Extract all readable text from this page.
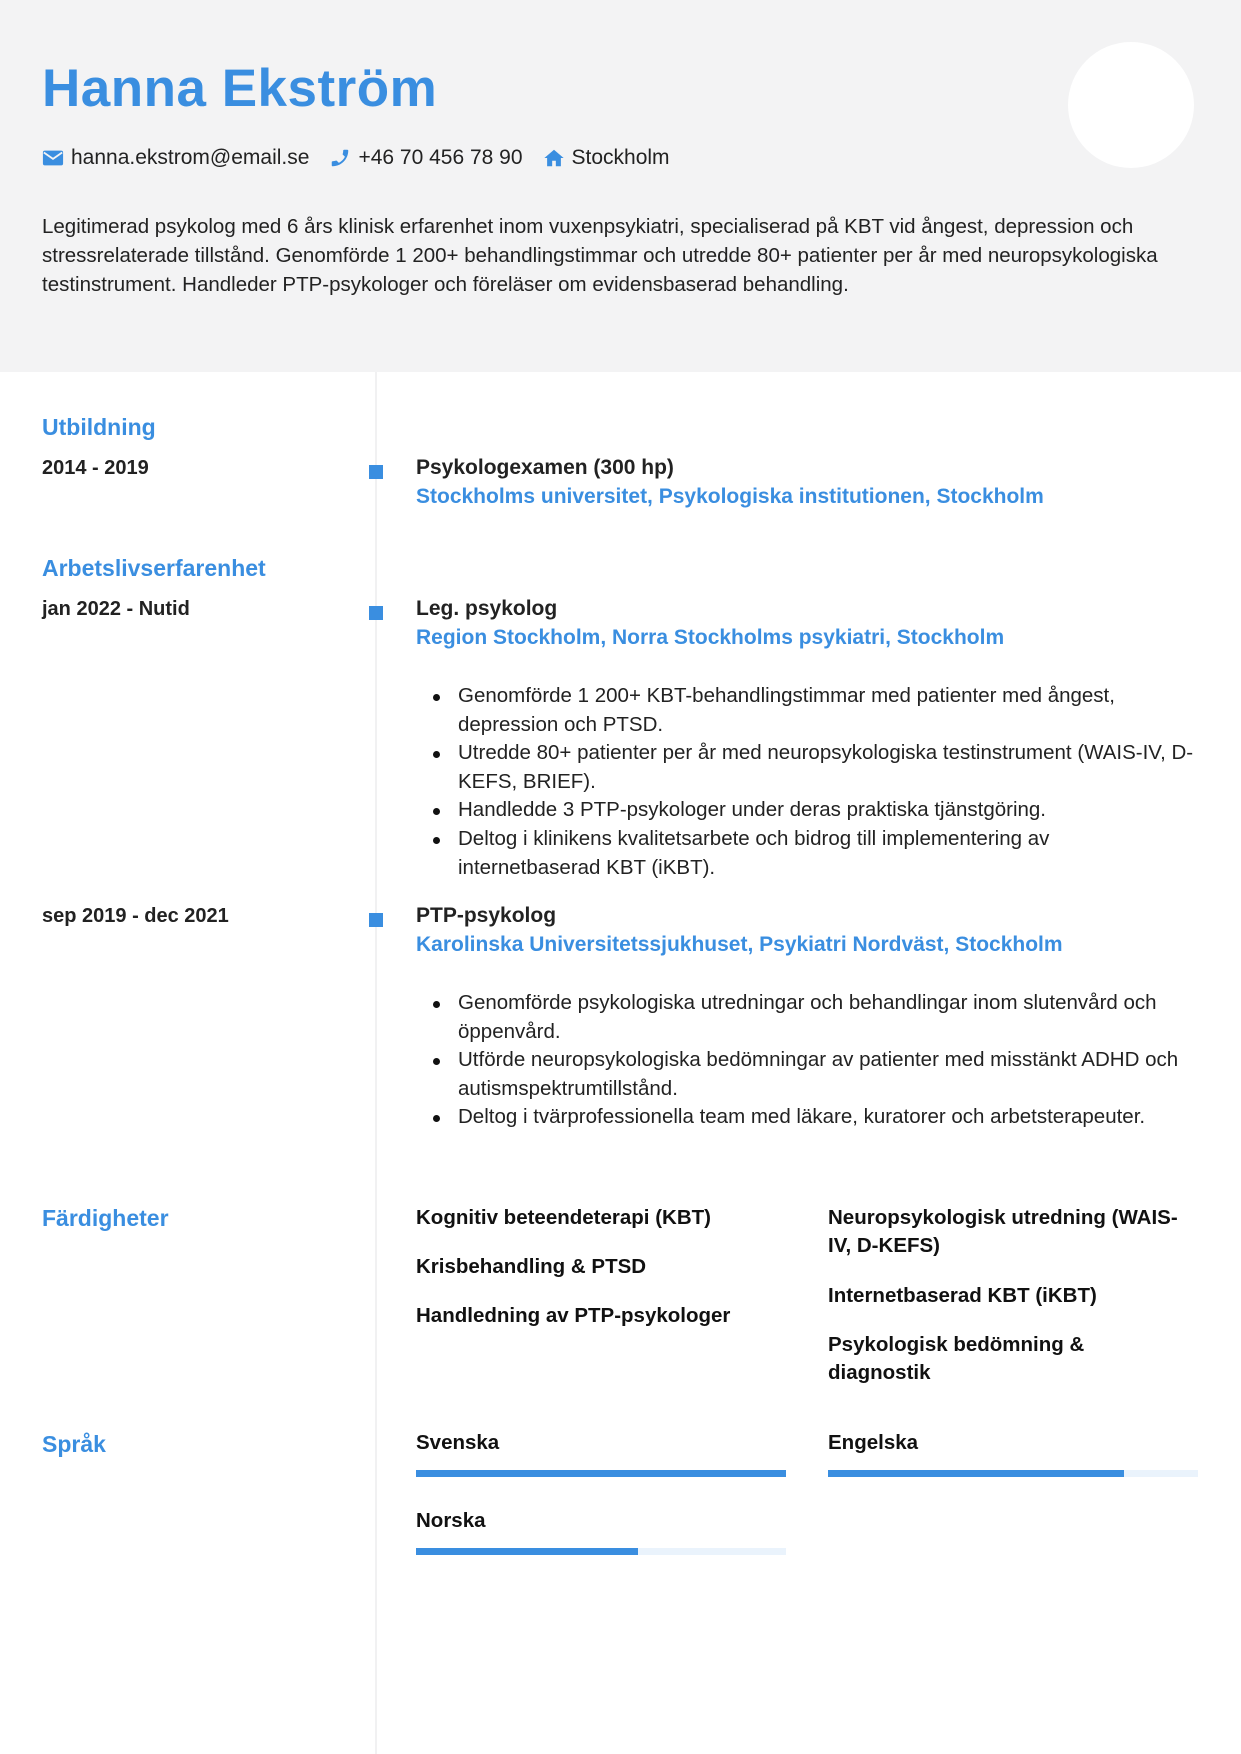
Hanna Ekström
hanna.ekstrom@email.se +46 70 456 78 90 Stockholm
Legitimerad psykolog med 6 års klinisk erfarenhet inom vuxenpsykiatri, specialiserad på KBT vid ångest, depression och stressrelaterade tillstånd. Genomförde 1 200+ behandlingstimmar och utredde 80+ patienter per år med neuropsykologiska testinstrument. Handleder PTP-psykologer och föreläser om evidensbaserad behandling.
Utbildning
2014 - 2019	Psykologexamen (300 hp)
Stockholms universitet, Psykologiska institutionen, Stockholm
Arbetslivserfarenhet
jan 2022 - Nutid	Leg. psykolog
Region Stockholm, Norra Stockholms psykiatri, Stockholm
Genomförde 1 200+ KBT-behandlingstimmar med patienter med ångest, depression och PTSD.
Utredde 80+ patienter per år med neuropsykologiska testinstrument (WAIS-IV, D-KEFS, BRIEF).
Handledde 3 PTP-psykologer under deras praktiska tjänstgöring.
Deltog i klinikens kvalitetsarbete och bidrog till implementering av internetbaserad KBT (iKBT).
sep 2019 - dec 2021	PTP-psykolog
Karolinska Universitetssjukhuset, Psykiatri Nordväst, Stockholm
Genomförde psykologiska utredningar och behandlingar inom slutenvård och öppenvård.
Utförde neuropsykologiska bedömningar av patienter med misstänkt ADHD och autismspektrumtillstånd.
Deltog i tvärprofessionella team med läkare, kuratorer och arbetsterapeuter.
Färdigheter	Kognitiv beteendeterapi (KBT)
Krisbehandling & PTSD
Handledning av PTP-psykologer
Neuropsykologisk utredning (WAIS-IV, D-KEFS)
Internetbaserad KBT (iKBT)
Psykologisk bedömning & diagnostik
Språk	Svenska	Engelska
Norska
